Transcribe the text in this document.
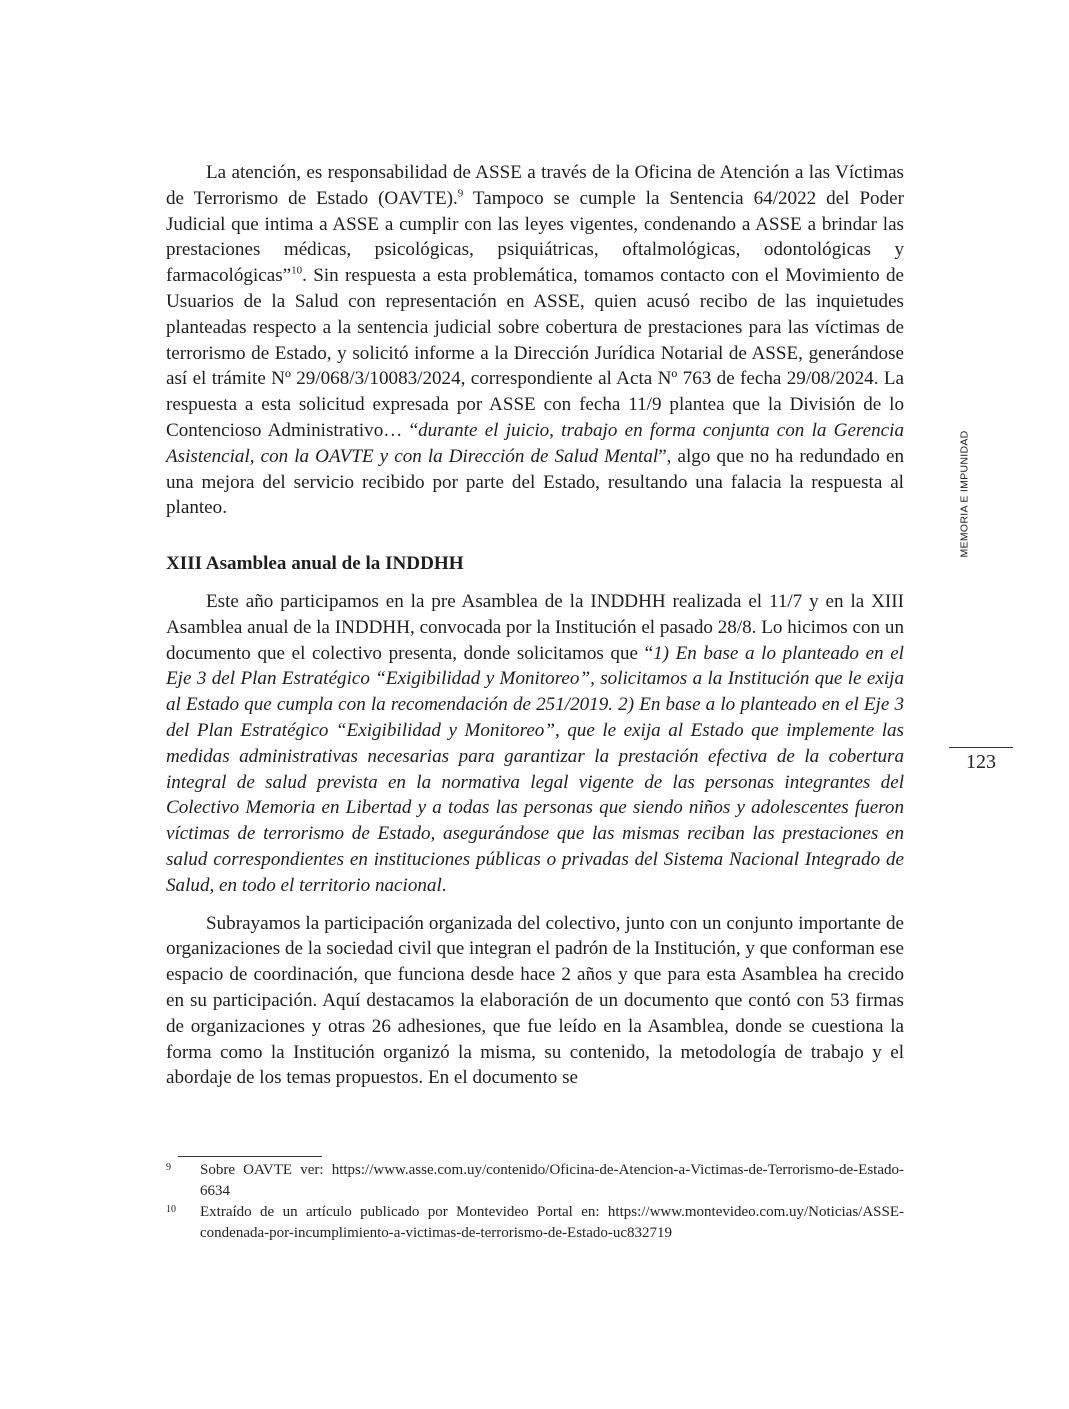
La atención, es responsabilidad de ASSE a través de la Oficina de Atención a las Víctimas de Terrorismo de Estado (OAVTE).$^9$ Tampoco se cumple la Sentencia 64/2022 del Poder Judicial que intima a ASSE a cumplir con las leyes vigentes, condenando a ASSE a brindar las prestaciones médicas, psicológicas, psiquiátricas, oftalmológicas, odontológicas y farmacológicas”$^{10}$. Sin respuesta a esta problemática, tomamos contacto con el Movimiento de Usuarios de la Salud con representación en ASSE, quien acusó recibo de las inquietudes planteadas respecto a la sentencia judicial sobre cobertura de prestaciones para las víctimas de terrorismo de Estado, y solicitó informe a la Dirección Jurídica Notarial de ASSE, generándose así el trámite Nº 29/068/3/10083/2024, correspondiente al Acta Nº 763 de fecha 29/08/2024. La respuesta a esta solicitud expresada por ASSE con fecha 11/9 plantea que la División de lo Contencioso Administrativo… “durante el juicio, trabajo en forma conjunta con la Gerencia Asistencial, con la OAVTE y con la Dirección de Salud Mental”, algo que no ha redundado en una mejora del servicio recibido por parte del Estado, resultando una falacia la respuesta al planteo.

XIII Asamblea anual de la INDDHH

Este año participamos en la pre Asamblea de la INDDHH realizada el 11/7 y en la XIII Asamblea anual de la INDDHH, convocada por la Institución el pasado 28/8. Lo hicimos con un documento que el colectivo presenta, donde solicitamos que “1) En base a lo planteado en el Eje 3 del Plan Estratégico “Exigibilidad y Monitoreo”, solicitamos a la Institución que le exija al Estado que cumpla con la recomendación de 251/2019. 2) En base a lo planteado en el Eje 3 del Plan Estratégico “Exigibilidad y Monitoreo”, que le exija al Estado que implemente las medidas administrativas necesarias para garantizar la prestación efectiva de la cobertura integral de salud prevista en la normativa legal vigente de las personas integrantes del Colectivo Memoria en Libertad y a todas las personas que siendo niños y adolescentes fueron víctimas de terrorismo de Estado, asegurándose que las mismas reciban las prestaciones en salud correspondientes en instituciones públicas o privadas del Sistema Nacional Integrado de Salud, en todo el territorio nacional.

Subrayamos la participación organizada del colectivo, junto con un conjunto importante de organizaciones de la sociedad civil que integran el padrón de la Institución, y que conforman ese espacio de coordinación, que funciona desde hace 2 años y que para esta Asamblea ha crecido en su participación. Aquí destacamos la elaboración de un documento que contó con 53 firmas de organizaciones y otras 26 adhesiones, que fue leído en la Asamblea, donde se cuestiona la forma como la Institución organizó la misma, su contenido, la metodología de trabajo y el abordaje de los temas propuestos. En el documento se

MEMORIA E IMPUNIDAD
123
9	Sobre OAVTE ver: https://www.asse.com.uy/contenido/Oficina-de-Atencion-a-Victimas-de-Terrorismo-de-Estado-6634
10	Extraído de un artículo publicado por Montevideo Portal en: https://www.montevideo.com.uy/Noticias/ASSE-condenada-por-incumplimiento-a-victimas-de-terrorismo-de-Estado-uc832719
